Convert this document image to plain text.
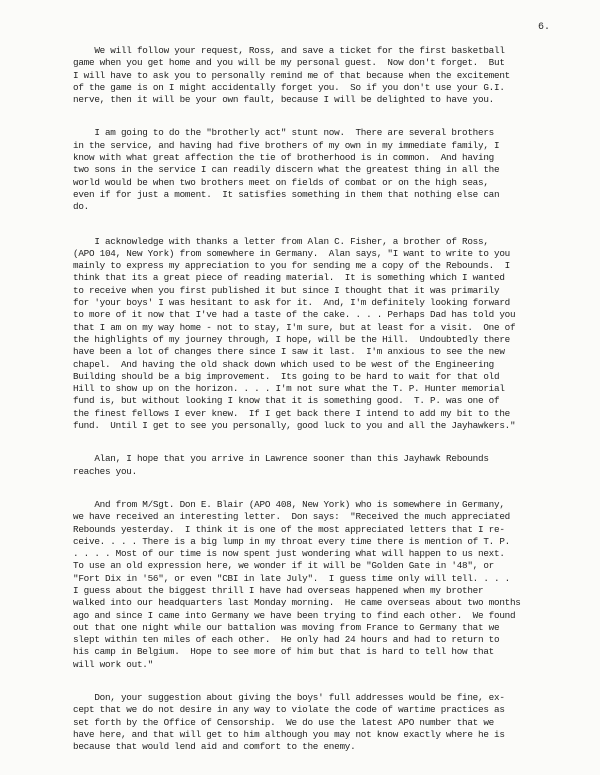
6.
We will follow your request, Ross, and save a ticket for the first basketball
game when you get home and you will be my personal guest.  Now don't forget.  But
I will have to ask you to personally remind me of that because when the excitement
of the game is on I might accidentally forget you.  So if you don't use your G.I.
nerve, then it will be your own fault, because I will be delighted to have you.
I am going to do the "brotherly act" stunt now.  There are several brothers
in the service, and having had five brothers of my own in my immediate family, I
know with what great affection the tie of brotherhood is in common.  And having
two sons in the service I can readily discern what the greatest thing in all the
world would be when two brothers meet on fields of combat or on the high seas,
even if for just a moment.  It satisfies something in them that nothing else can
do.
I acknowledge with thanks a letter from Alan C. Fisher, a brother of Ross,
(APO 104, New York) from somewhere in Germany.  Alan says, "I want to write to you
mainly to express my appreciation to you for sending me a copy of the Rebounds.  I
think that its a great piece of reading material.  It is something which I wanted
to receive when you first published it but since I thought that it was primarily
for 'your boys' I was hesitant to ask for it.  And, I'm definitely looking forward
to more of it now that I've had a taste of the cake. . . . Perhaps Dad has told you
that I am on my way home - not to stay, I'm sure, but at least for a visit.  One of
the highlights of my journey through, I hope, will be the Hill.  Undoubtedly there
have been a lot of changes there since I saw it last.  I'm anxious to see the new
chapel.  And having the old shack down which used to be west of the Engineering
Building should be a big improvement.  Its going to be hard to wait for that old
Hill to show up on the horizon. . . . I'm not sure what the T. P. Hunter memorial
fund is, but without looking I know that it is something good.  T. P. was one of
the finest fellows I ever knew.  If I get back there I intend to add my bit to the
fund.  Until I get to see you personally, good luck to you and all the Jayhawkers."
Alan, I hope that you arrive in Lawrence sooner than this Jayhawk Rebounds
reaches you.
And from M/Sgt. Don E. Blair (APO 408, New York) who is somewhere in Germany,
we have received an interesting letter.  Don says:  "Received the much appreciated
Rebounds yesterday.  I think it is one of the most appreciated letters that I re-
ceive. . . . There is a big lump in my throat every time there is mention of T. P.
. . . . Most of our time is now spent just wondering what will happen to us next.
To use an old expression here, we wonder if it will be "Golden Gate in '48", or
"Fort Dix in '56", or even "CBI in late July".  I guess time only will tell. . . .
I guess about the biggest thrill I have had overseas happened when my brother
walked into our headquarters last Monday morning.  He came overseas about two months
ago and since I came into Germany we have been trying to find each other.  We found
out that one night while our battalion was moving from France to Germany that we
slept within ten miles of each other.  He only had 24 hours and had to return to
his camp in Belgium.  Hope to see more of him but that is hard to tell how that
will work out."
Don, your suggestion about giving the boys' full addresses would be fine, ex-
cept that we do not desire in any way to violate the code of wartime practices as
set forth by the Office of Censorship.  We do use the latest APO number that we
have here, and that will get to him although you may not know exactly where he is
because that would lend aid and comfort to the enemy.
